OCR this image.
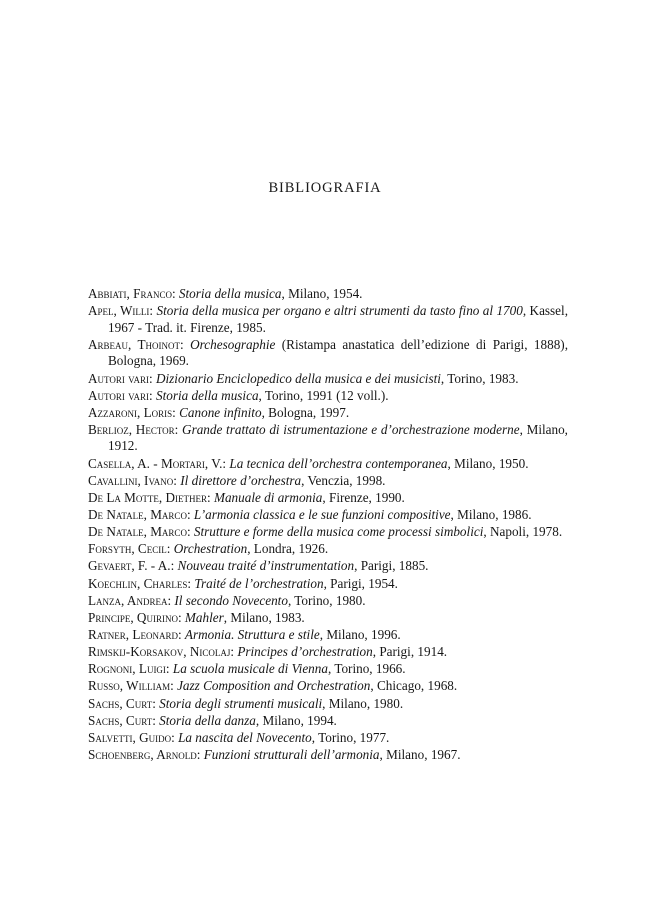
BIBLIOGRAFIA

Abbiati, Franco: Storia della musica, Milano, 1954.

Apel, Willi: Storia della musica per organo e altri strumenti da tasto fino al 1700, Kassel, 1967 - Trad. it. Firenze, 1985.

Arbeau, Thoinot: Orchesographie (Ristampa anastatica dell’edizione di Parigi, 1888), Bologna, 1969.

Autori vari: Dizionario Enciclopedico della musica e dei musicisti, Torino, 1983.

Autori vari: Storia della musica, Torino, 1991 (12 voll.).

Azzaroni, Loris: Canone infinito, Bologna, 1997.

Berlioz, Hector: Grande trattato di istrumentazione e d’orchestrazione moderne, Milano, 1912.

Casella, A. - Mortari, V.: La tecnica dell’orchestra contemporanea, Milano, 1950.

Cavallini, Ivano: Il direttore d’orchestra, Venczia, 1998.

De La Motte, Diether: Manuale di armonia, Firenze, 1990.

De Natale, Marco: L’armonia classica e le sue funzioni compositive, Milano, 1986.

De Natale, Marco: Strutture e forme della musica come processi simbolici, Napoli, 1978.

Forsyth, Cecil: Orchestration, Londra, 1926.

Gevaert, F. - A.: Nouveau traité d’instrumentation, Parigi, 1885.

Koechlin, Charles: Traité de l’orchestration, Parigi, 1954.

Lanza, Andrea: Il secondo Novecento, Torino, 1980.

Principe, Quirino: Mahler, Milano, 1983.

Ratner, Leonard: Armonia. Struttura e stile, Milano, 1996.

Rimskij-Korsakov, Nicolaj: Principes d’orchestration, Parigi, 1914.

Rognoni, Luigi: La scuola musicale di Vienna, Torino, 1966.

Russo, William: Jazz Composition and Orchestration, Chicago, 1968.

Sachs, Curt: Storia degli strumenti musicali, Milano, 1980.

Sachs, Curt: Storia della danza, Milano, 1994.

Salvetti, Guido: La nascita del Novecento, Torino, 1977.

Schoenberg, Arnold: Funzioni strutturali dell’armonia, Milano, 1967.
